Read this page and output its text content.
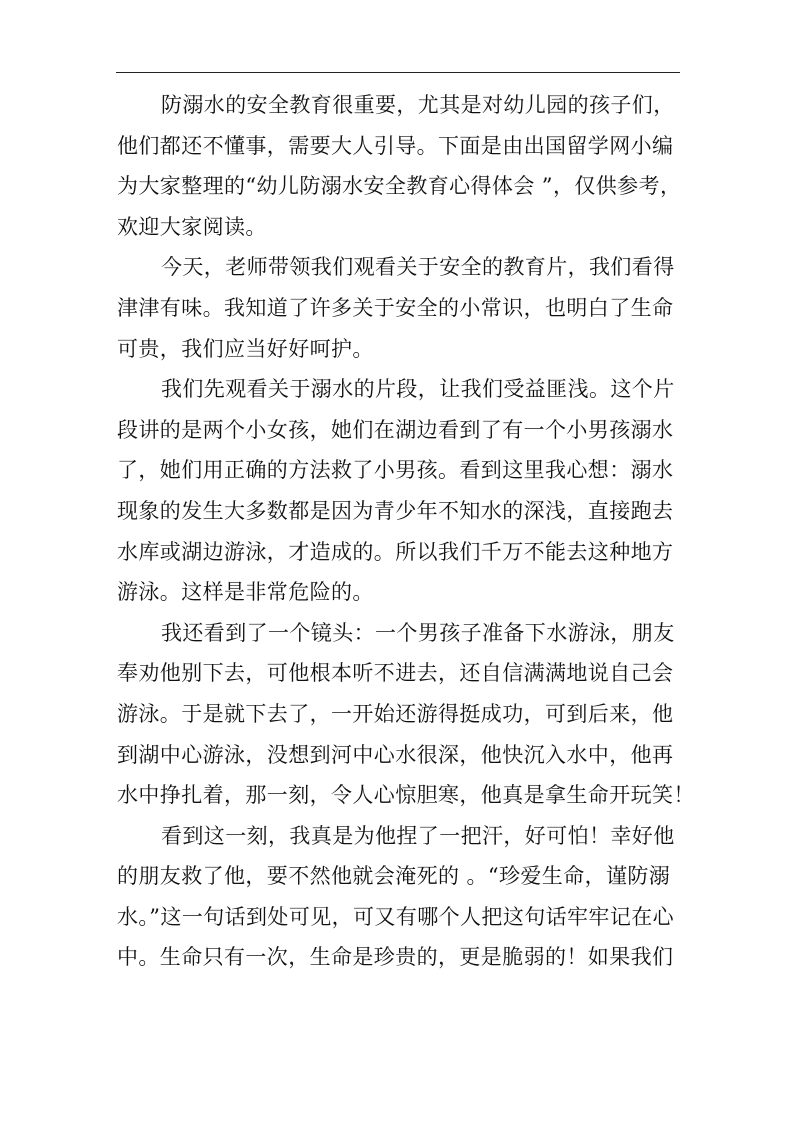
防溺水的安全教育很重要，尤其是对幼儿园的孩子们，
他们都还不懂事，需要大人引导。下面是由出国留学网小编
为大家整理的“幼儿防溺水安全教育心得体会 ”，仅供参考，
欢迎大家阅读。
今天，老师带领我们观看关于安全的教育片，我们看得
津津有味。我知道了许多关于安全的小常识，也明白了生命
可贵，我们应当好好呵护。
我们先观看关于溺水的片段，让我们受益匪浅。这个片
段讲的是两个小女孩，她们在湖边看到了有一个小男孩溺水
了，她们用正确的方法救了小男孩。看到这里我心想：溺水
现象的发生大多数都是因为青少年不知水的深浅，直接跑去
水库或湖边游泳，才造成的。所以我们千万不能去这种地方
游泳。这样是非常危险的。
我还看到了一个镜头：一个男孩子准备下水游泳，朋友
奉劝他别下去，可他根本听不进去，还自信满满地说自己会
游泳。于是就下去了，一开始还游得挺成功，可到后来，他
到湖中心游泳，没想到河中心水很深，他快沉入水中，他再
水中挣扎着，那一刻，令人心惊胆寒，他真是拿生命开玩笑！
看到这一刻，我真是为他捏了一把汗，好可怕！幸好他
的朋友救了他，要不然他就会淹死的 。“珍爱生命，谨防溺
水。”这一句话到处可见，可又有哪个人把这句话牢牢记在心
中。生命只有一次，生命是珍贵的，更是脆弱的！如果我们
